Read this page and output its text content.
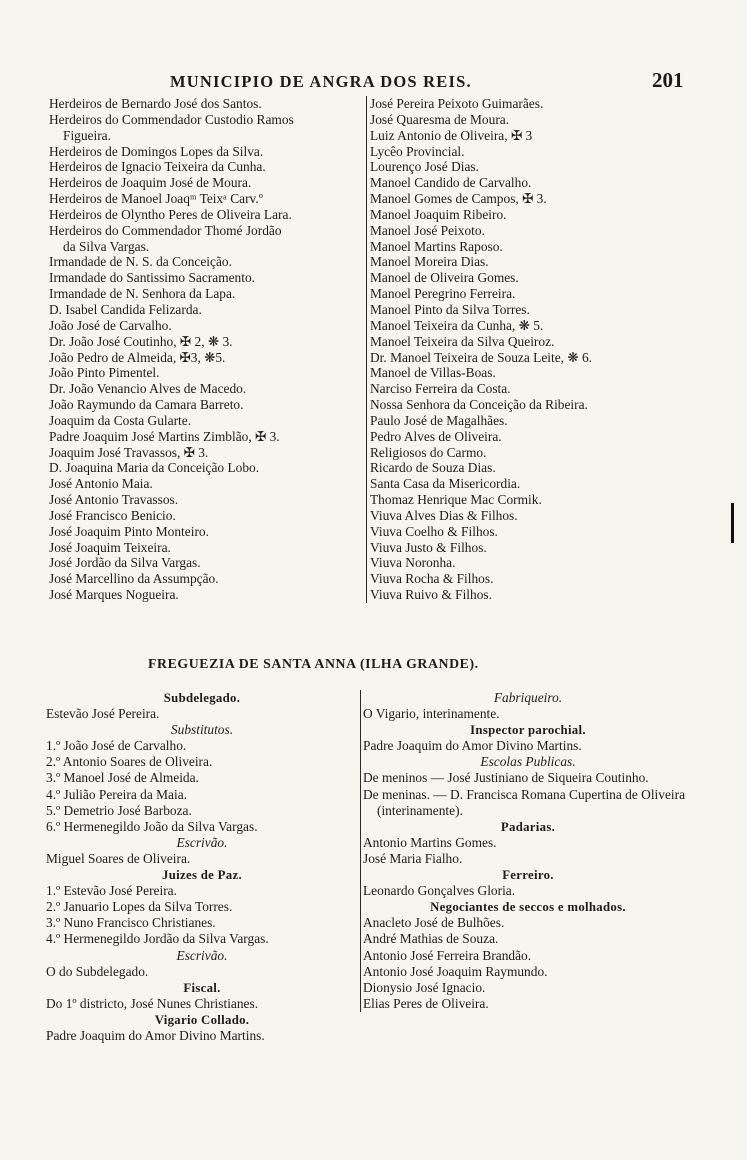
MUNICIPIO DE ANGRA DOS REIS.	201
Herdeiros de Bernardo José dos Santos.
Herdeiros do Commendador Custodio Ramos
Figueira.
Herdeiros de Domingos Lopes da Silva.
Herdeiros de Ignacio Teixeira da Cunha.
Herdeiros de Joaquim José de Moura.
Herdeiros de Manoel Joaqᵐ Teixᵃ Carv.º
Herdeiros de Olyntho Peres de Oliveira Lara.
Herdeiros do Commendador Thomé Jordão
da Silva Vargas.
Irmandade de N. S. da Conceição.
Irmandade do Santissimo Sacramento.
Irmandade de N. Senhora da Lapa.
D. Isabel Candida Felizarda.
João José de Carvalho.
Dr. João José Coutinho, ✠ 2, ❋ 3.
João Pedro de Almeida, ✠3, ❋5.
João Pinto Pimentel.
Dr. João Venancio Alves de Macedo.
João Raymundo da Camara Barreto.
Joaquim da Costa Gularte.
Padre Joaquim José Martins Zimblão, ✠ 3.
Joaquim José Travassos, ✠ 3.
D. Joaquina Maria da Conceição Lobo.
José Antonio Maia.
José Antonio Travassos.
José Francisco Benicio.
José Joaquim Pinto Monteiro.
José Joaquim Teixeira.
José Jordão da Silva Vargas.
José Marcellino da Assumpção.
José Marques Nogueira.
José Pereira Peixoto Guimarães.
José Quaresma de Moura.
Luiz Antonio de Oliveira, ✠ 3
Lycêo Provincial.
Lourenço José Dias.
Manoel Candido de Carvalho.
Manoel Gomes de Campos, ✠ 3.
Manoel Joaquim Ribeiro.
Manoel José Peixoto.
Manoel Martins Raposo.
Manoel Moreira Dias.
Manoel de Oliveira Gomes.
Manoel Peregrino Ferreira.
Manoel Pinto da Silva Torres.
Manoel Teixeira da Cunha, ❋ 5.
Manoel Teixeira da Silva Queiroz.
Dr. Manoel Teixeira de Souza Leite, ❋ 6.
Manoel de Villas-Boas.
Narciso Ferreira da Costa.
Nossa Senhora da Conceição da Ribeira.
Paulo José de Magalhães.
Pedro Alves de Oliveira.
Religiosos do Carmo.
Ricardo de Souza Dias.
Santa Casa da Misericordia.
Thomaz Henrique Mac Cormik.
Viuva Alves Dias & Filhos.
Viuva Coelho & Filhos.
Viuva Justo & Filhos.
Viuva Noronha.
Viuva Rocha & Filhos.
Viuva Ruivo & Filhos.
FREGUEZIA DE SANTA ANNA (ILHA GRANDE).
Subdelegado.
Estevão José Pereira.
Substitutos.
1.º João José de Carvalho.
2.º Antonio Soares de Oliveira.
3.º Manoel José de Almeida.
4.º Julião Pereira da Maia.
5.º Demetrio José Barboza.
6.º Hermenegildo João da Silva Vargas.
Escrivão.
Miguel Soares de Oliveira.
Juizes de Paz.
1.º Estevão José Pereira.
2.º Januario Lopes da Silva Torres.
3.º Nuno Francisco Christianes.
4.º Hermenegildo Jordão da Silva Vargas.
Escrivão.
O do Subdelegado.
Fiscal.
Do 1º districto, José Nunes Christianes.
Vigario Collado.
Padre Joaquim do Amor Divino Martins.
Fabriqueiro.
O Vigario, interinamente.
Inspector parochial.
Padre Joaquim do Amor Divino Martins.
Escolas Publicas.
De meninos — José Justiniano de Siqueira Coutinho.
De meninas. — D. Francisca Romana Cupertina de Oliveira (interinamente).
Padarias.
Antonio Martins Gomes.
José Maria Fialho.
Ferreiro.
Leonardo Gonçalves Gloria.
Negociantes de seccos e molhados.
Anacleto José de Bulhões.
André Mathias de Souza.
Antonio José Ferreira Brandão.
Antonio José Joaquim Raymundo.
Dionysio José Ignacio.
Elias Peres de Oliveira.
